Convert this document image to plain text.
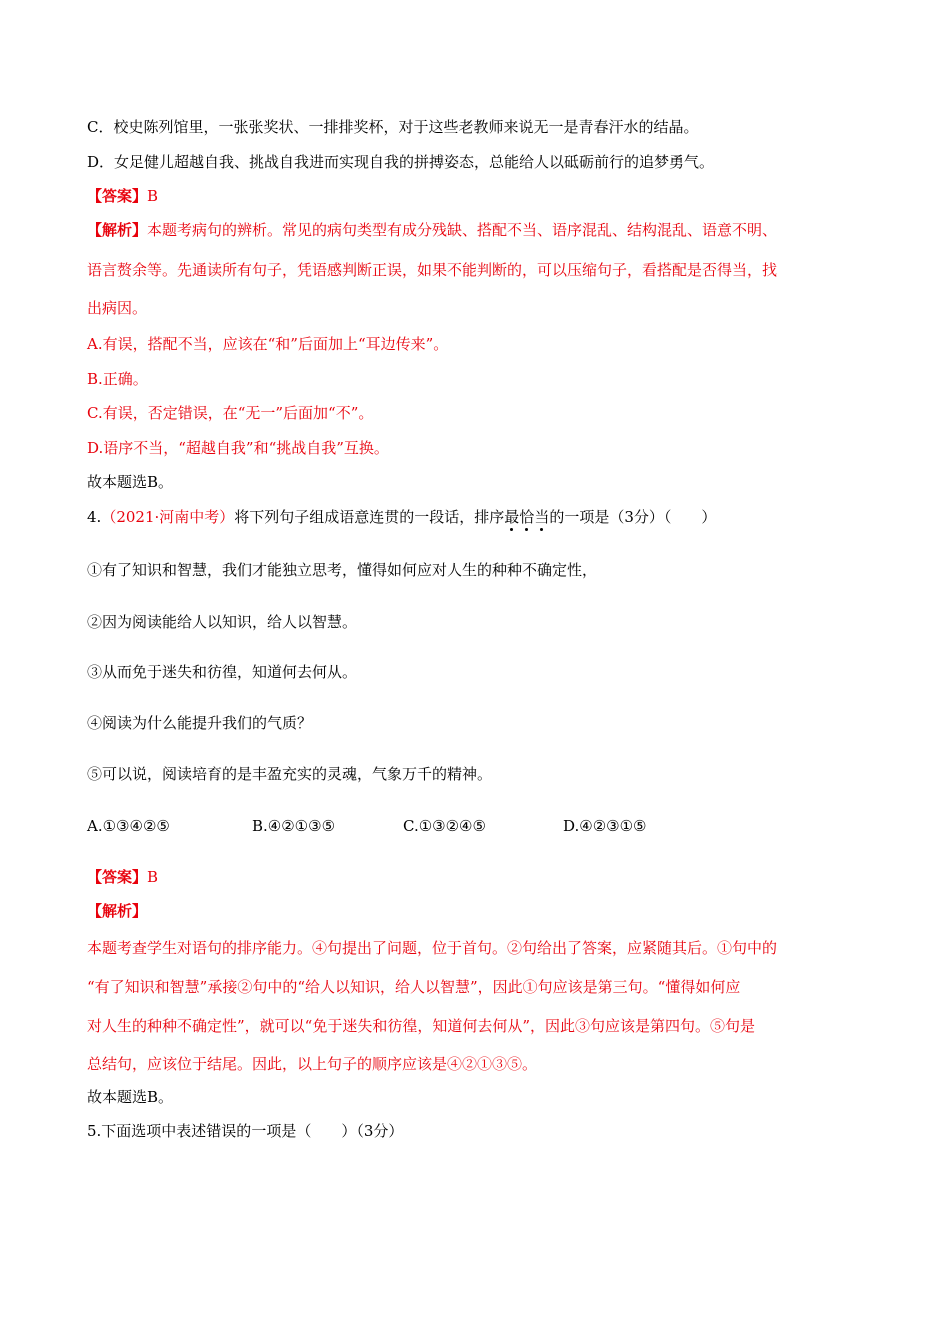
C．校史陈列馆里，一张张奖状、一排排奖杯，对于这些老教师来说无一是青春汗水的结晶。
D．女足健儿超越自我、挑战自我进而实现自我的拼搏姿态，总能给人以砥砺前行的追梦勇气。
【答案】B
【解析】本题考病句的辨析。常见的病句类型有成分残缺、搭配不当、语序混乱、结构混乱、语意不明、
语言赘余等。先通读所有句子，凭语感判断正误，如果不能判断的，可以压缩句子，看搭配是否得当，找
出病因。
A.有误，搭配不当，应该在“和”后面加上“耳边传来”。
B.正确。
C.有误，否定错误，在“无一”后面加“不”。
D.语序不当，“超越自我”和“挑战自我”互换。
故本题选B。
4.（2021·河南中考）将下列句子组成语意连贯的一段话，排序最恰当的一项是（3分）（　　）
①有了知识和智慧，我们才能独立思考，懂得如何应对人生的种种不确定性，
②因为阅读能给人以知识，给人以智慧。
③从而免于迷失和彷徨，知道何去何从。
④阅读为什么能提升我们的气质？
⑤可以说，阅读培育的是丰盈充实的灵魂，气象万千的精神。
A.①③④②⑤	B.④②①③⑤	C.①③②④⑤	D.④②③①⑤
【答案】B
【解析】
本题考查学生对语句的排序能力。④句提出了问题，位于首句。②句给出了答案，应紧随其后。①句中的
“有了知识和智慧”承接②句中的“给人以知识，给人以智慧”，因此①句应该是第三句。“懂得如何应
对人生的种种不确定性”，就可以“免于迷失和彷徨，知道何去何从”，因此③句应该是第四句。⑤句是
总结句，应该位于结尾。因此，以上句子的顺序应该是④②①③⑤。
故本题选B。
5.下面选项中表述错误的一项是（　　）（3分）
